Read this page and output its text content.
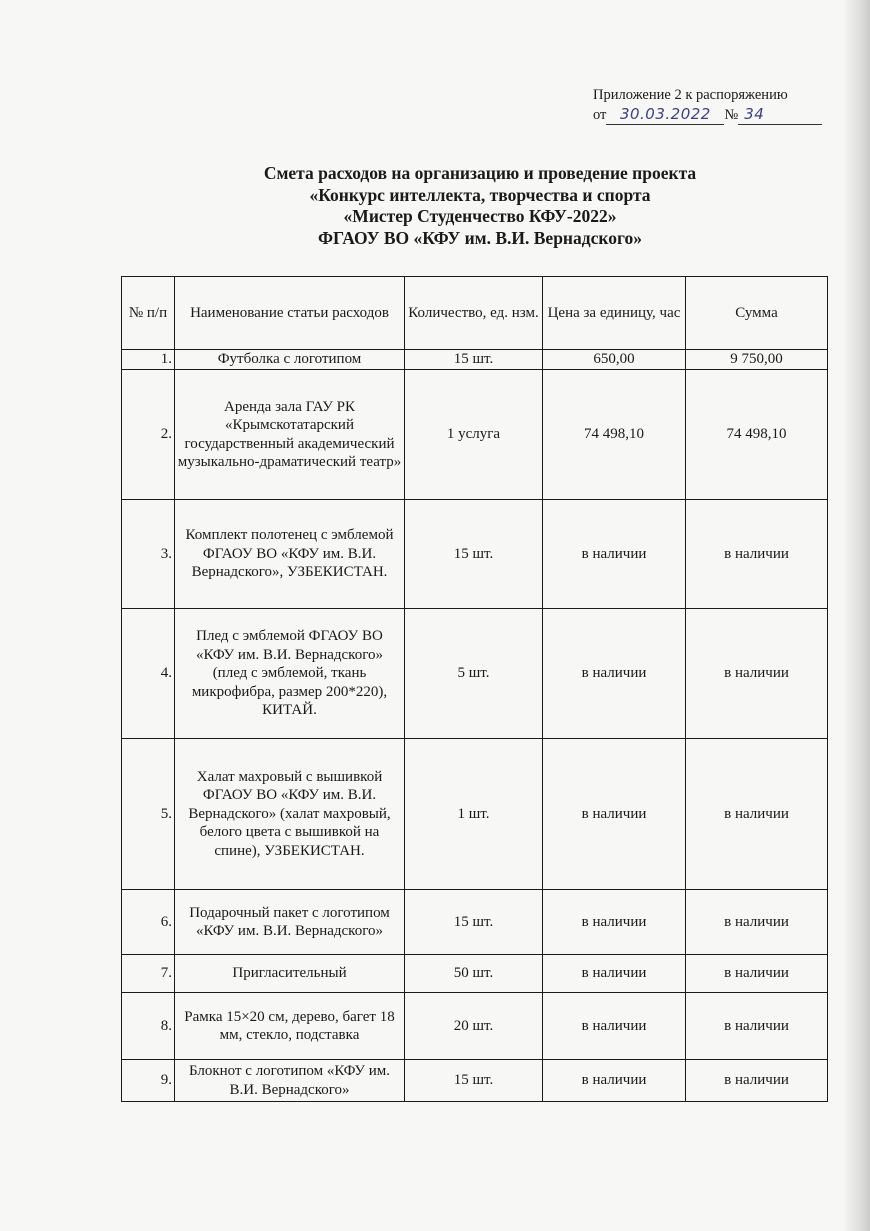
Приложение 2 к распоряжению
от 30.03.2022 № 34
Смета расходов на организацию и проведение проекта
«Конкурс интеллекта, творчества и спорта
«Мистер Студенчество КФУ-2022»
ФГАОУ ВО «КФУ им. В.И. Вернадского»
№ п/п	Наименование статьи расходов	Количество, ед. нзм.	Цена за единицу, час	Сумма
1.	Футболка с логотипом	15 шт.	650,00	9 750,00
2.	Аренда зала ГАУ РК «Крымскотатарский государственный академический музыкально-драматический театр»	1 услуга	74 498,10	74 498,10
3.	Комплект полотенец с эмблемой ФГАОУ ВО «КФУ им. В.И. Вернадского», УЗБЕКИСТАН.	15 шт.	в наличии	в наличии
4.	Плед с эмблемой ФГАОУ ВО «КФУ им. В.И. Вернадского» (плед с эмблемой, ткань микрофибра, размер 200*220), КИТАЙ.	5 шт.	в наличии	в наличии
5.	Халат махровый с вышивкой ФГАОУ ВО «КФУ им. В.И. Вернадского» (халат махровый, белого цвета с вышивкой на спине), УЗБЕКИСТАН.	1 шт.	в наличии	в наличии
6.	Подарочный пакет с логотипом «КФУ им. В.И. Вернадского»	15 шт.	в наличии	в наличии
7.	Пригласительный	50 шт.	в наличии	в наличии
8.	Рамка 15×20 см, дерево, багет 18 мм, стекло, подставка	20 шт.	в наличии	в наличии
9.	Блокнот с логотипом «КФУ им. В.И. Вернадского»	15 шт.	в наличии	в наличии
